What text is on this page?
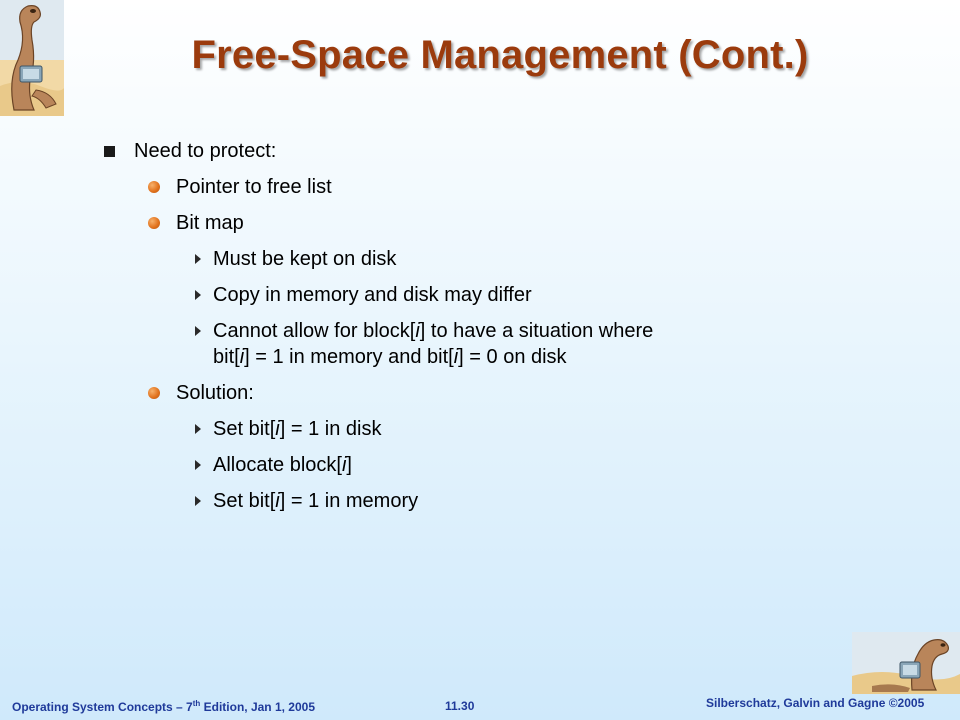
Free-Space Management (Cont.)
Need to protect:
Pointer to free list
Bit map
Must be kept on disk
Copy in memory and disk may differ
Cannot allow for block[i] to have a situation where
bit[i] = 1 in memory and bit[i] = 0 on disk
Solution:
Set bit[i] = 1 in disk
Allocate block[i]
Set bit[i] = 1 in memory
Operating System Concepts – 7th Edition, Jan 1, 2005	11.30	Silberschatz, Galvin and Gagne ©2005
